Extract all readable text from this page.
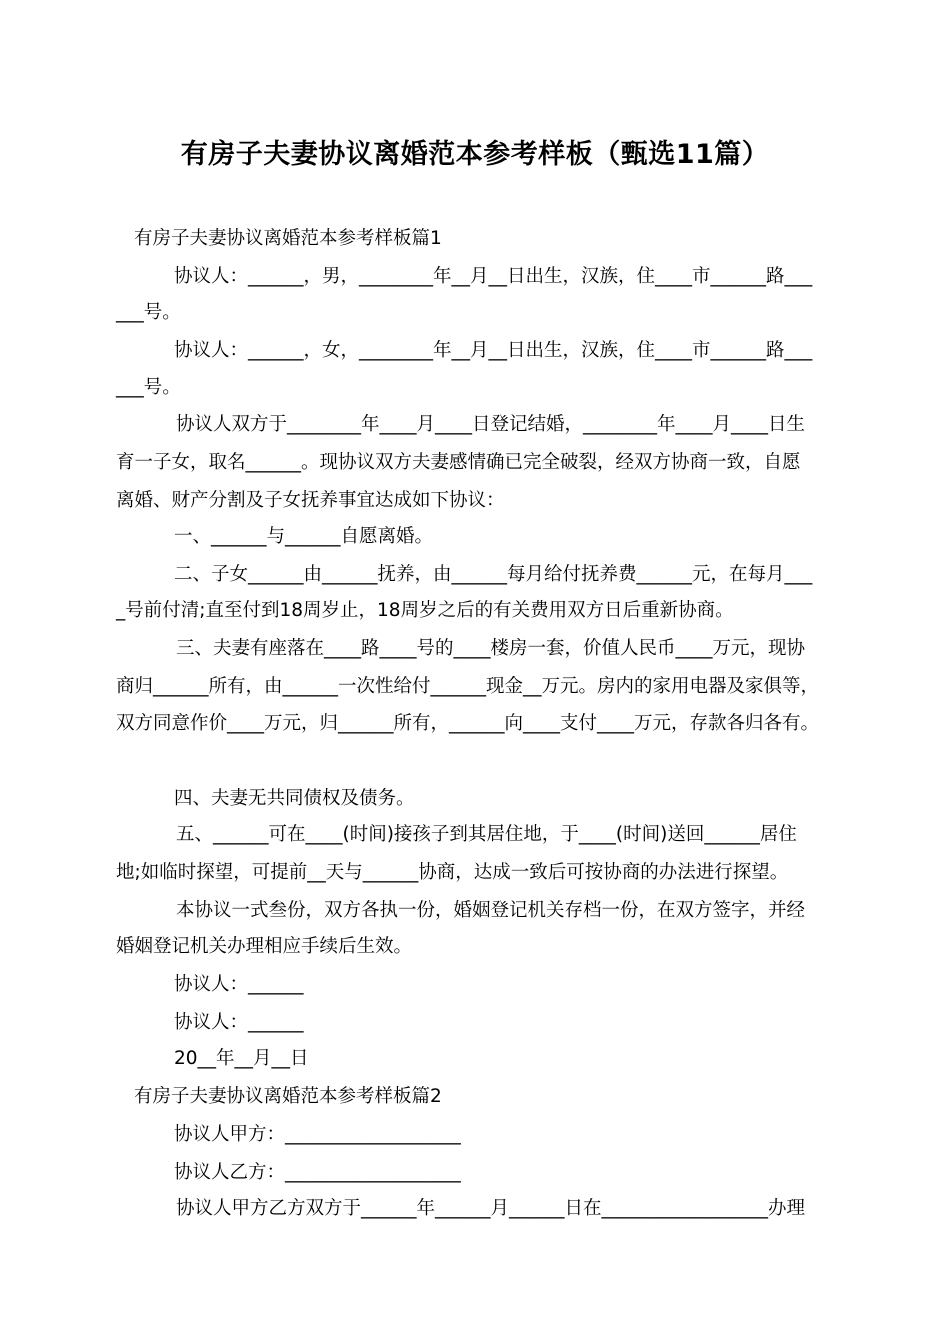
有房子夫妻协议离婚范本参考样板（甄选11篇）
有房子夫妻协议离婚范本参考样板篇1
协议人：______，男，________年__月__日出生，汉族，住____市______路___
___号。
协议人：______，女，________年__月__日出生，汉族，住____市______路___
___号。
协议人双方于________年____月____日登记结婚，________年____月____日生
育一子女，取名______。现协议双方夫妻感情确已完全破裂，经双方协商一致，自愿
离婚、财产分割及子女抚养事宜达成如下协议：
一、______与______自愿离婚。
二、子女______由______抚养，由______每月给付抚养费______元，在每月___
_号前付清;直至付到18周岁止，18周岁之后的有关费用双方日后重新协商。
三、夫妻有座落在____路____号的____楼房一套，价值人民币____万元，现协
商归______所有，由______一次性给付______现金__万元。房内的家用电器及家俱等，
双方同意作价____万元，归______所有，______向____支付____万元，存款各归各有。
四、夫妻无共同债权及债务。
五、______可在____(时间)接孩子到其居住地，于____(时间)送回______居住
地;如临时探望，可提前__天与______协商，达成一致后可按协商的办法进行探望。
本协议一式叁份，双方各执一份，婚姻登记机关存档一份，在双方签字，并经
婚姻登记机关办理相应手续后生效。
协议人：______
协议人：______
20__年__月__日
有房子夫妻协议离婚范本参考样板篇2
协议人甲方：___________________
协议人乙方：___________________
协议人甲方乙方双方于______年______月______日在__________________办理
